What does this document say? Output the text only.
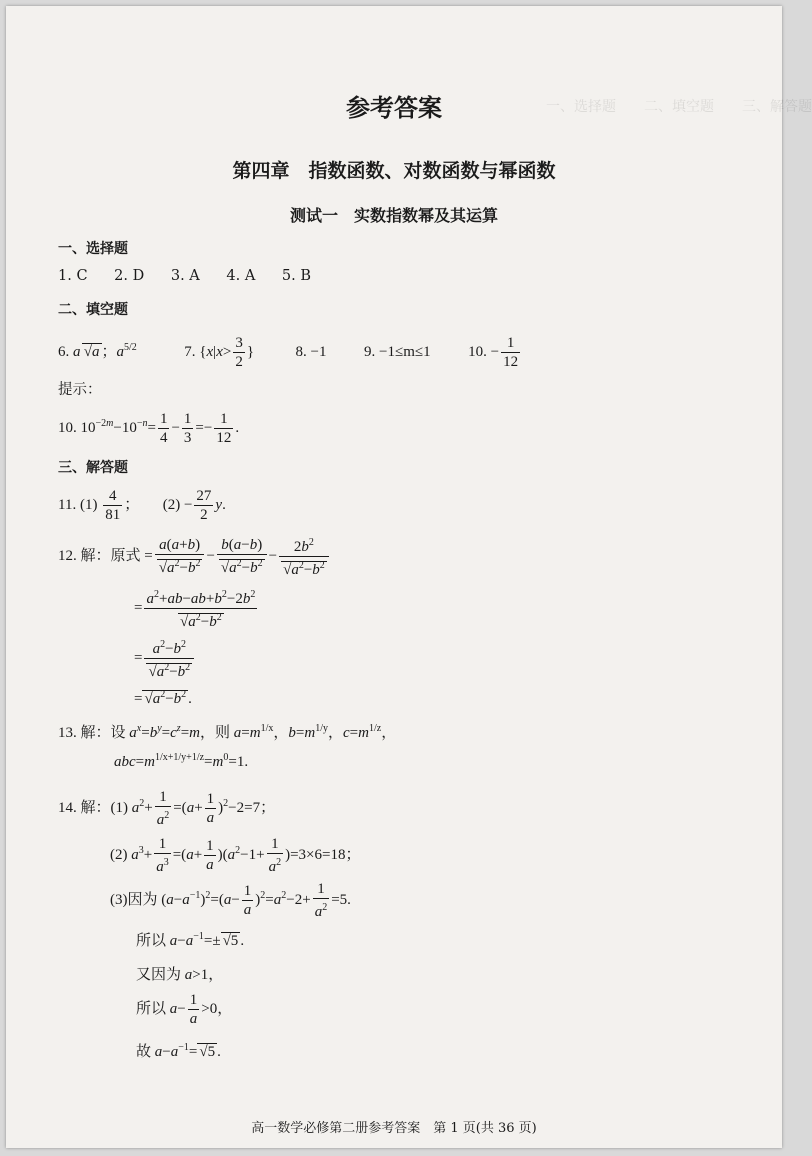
一、选择题　　二、填空题　　三、解答题
参考答案
第四章　指数函数、对数函数与幂函数
测试一　实数指数幂及其运算
一、选择题
1. C 2. D 3. A 4. A 5. B
二、填空题
6. a  √a ；$a^{5/2}$	7. {$x|x> \frac{3}{2}$ }	8. −1	9. −1≤m≤1	10. − $\frac{1}{12}$
提示：
10. $10^{-2m}-10^{-n}= \frac{1}{4} - \frac{1}{3} =- \frac{1}{12}$ .
三、解答题
11. $(1) \frac{4}{81}$ ； $(2) - \frac{27}{2} y$.
12. 解：原式 = $\frac{a(a+b)}{√a^2-b^2} - \frac{b(a-b)}{√a^2-b^2} - \frac{2b^2}{√a^2-b^2}$
= $\frac{a^2+ab-ab+b^2-2b^2}{√a^2-b^2}$
= $\frac{a^2-b^2}{√a^2-b^2}$
= $√a^2-b^2$ .
13. 解：设 $a^x=b^y=c^z=m$，则 $a=m^{1/x}$，$b=m^{1/y}$，$c=m^{1/z}$，
$abc=m^{1/x+1/y+1/z}=m^0=1$.
14. 解：(1) $a^2+ \frac{1}{a^2} =(a+ \frac{1}{a} )^2-2=7$；
(2) $a^3+ \frac{1}{a^3} =(a+ \frac{1}{a} )(a^2-1+ \frac{1}{a^2} )=3\times 6=18$；
(3)因为 $(a-a^{-1})^2=(a- \frac{1}{a} )^2=a^2-2+ \frac{1}{a^2} =5$.
所以 $a-a^{-1}=\pm √5$ .
又因为 a>1，
所以 $a- \frac{1}{a} >0$，
故 $a-a^{-1}= √5$ .
高一数学必修第二册参考答案　第 1 页(共 36 页)
